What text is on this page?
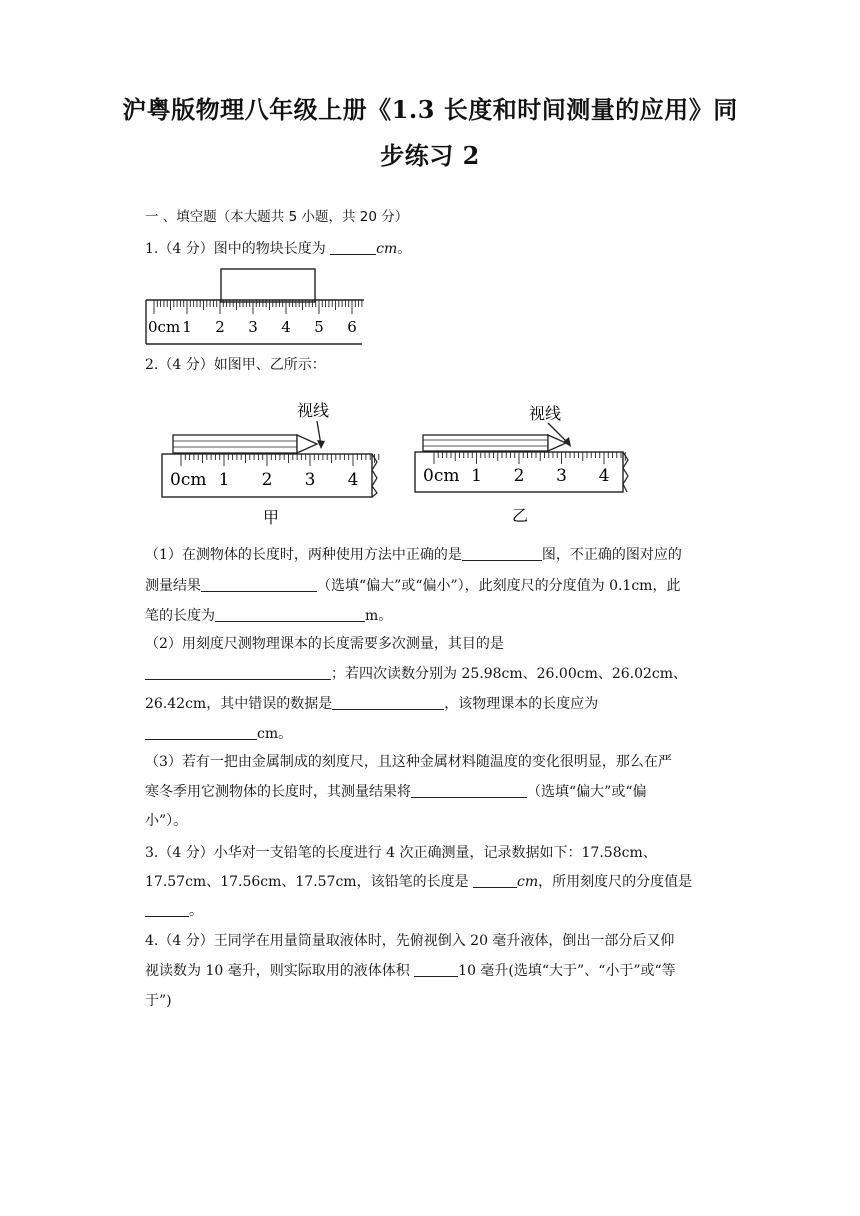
沪粤版物理八年级上册《1.3 长度和时间测量的应用》同
步练习 2
一 、填空题（本大题共 5 小题，共 20 分）
1.（4 分）图中的物块长度为	cm。
0cm 1 2 3 4 5 6
2.（4 分）如图甲、乙所示：
视线
0cm 1 2 3 4
甲
视线
0cm 1 2 3 4
乙
（1）在测物体的长度时，两种使用方法中正确的是	图，不正确的图对应的
测量结果	（选填“偏大”或“偏小”），此刻度尺的分度值为 0.1cm，此
笔的长度为	m。
（2）用刻度尺测物理课本的长度需要多次测量，其目的是
；若四次读数分别为 25.98cm、26.00cm、26.02cm、
26.42cm，其中错误的数据是	，该物理课本的长度应为
cm。
（3）若有一把由金属制成的刻度尺，且这种金属材料随温度的变化很明显，那么在严
寒冬季用它测物体的长度时，其测量结果将	（选填“偏大”或“偏
小”）。
3.（4 分）小华对一支铅笔的长度进行 4 次正确测量，记录数据如下：17.58cm、
17.57cm、17.56cm、17.57cm，该铅笔的长度是	cm，所用刻度尺的分度值是
。
4.（4 分）王同学在用量筒量取液体时，先俯视倒入 20 毫升液体，倒出一部分后又仰
视读数为 10 毫升，则实际取用的液体体积	10 毫升(选填“大于”、“小于”或“等
于”)
